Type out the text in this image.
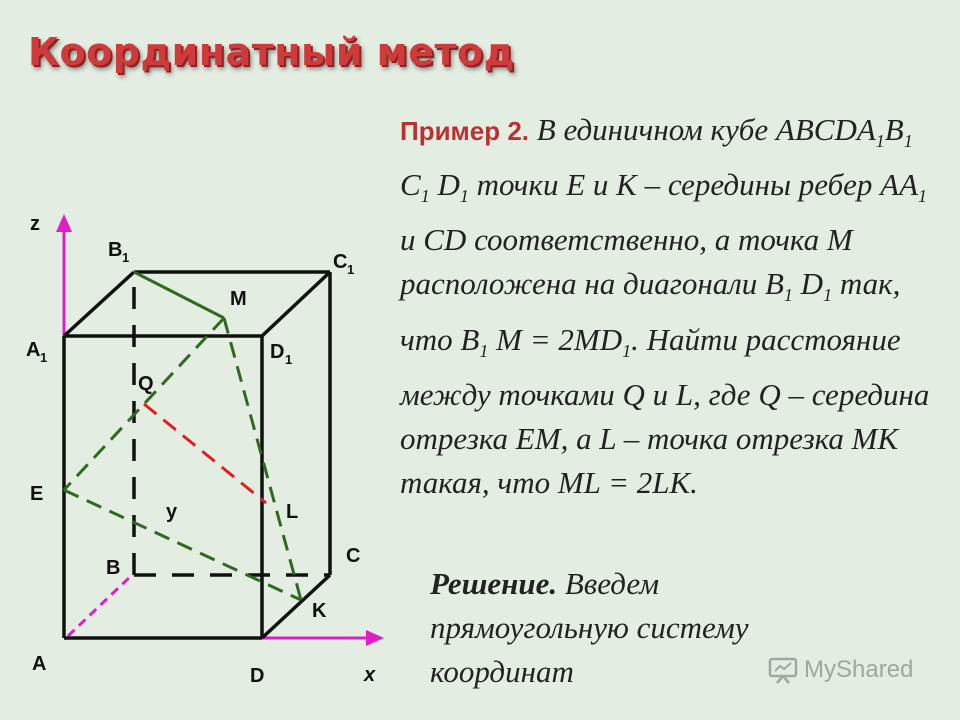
Координатный метод
z
y
x
A
B
C
D
A 1
B 1	C 1
D 1
E
K
M
Q
L
Пример 2. В единичном кубе $ABCDA_1B_1$ $C_1$ $D_1$ точки E и K – середины ребер $AA_1$ и CD соответственно, а точка M расположена на диагонали $B_1$ $D_1$ так, что $B_1$ $M = 2MD_1$. Найти расстояние между точками Q и L, где Q – середина отрезка EM, а L – точка отрезка MK такая, что ML = 2LK.
Решение. Введем прямоугольную систему координат	MyShared
